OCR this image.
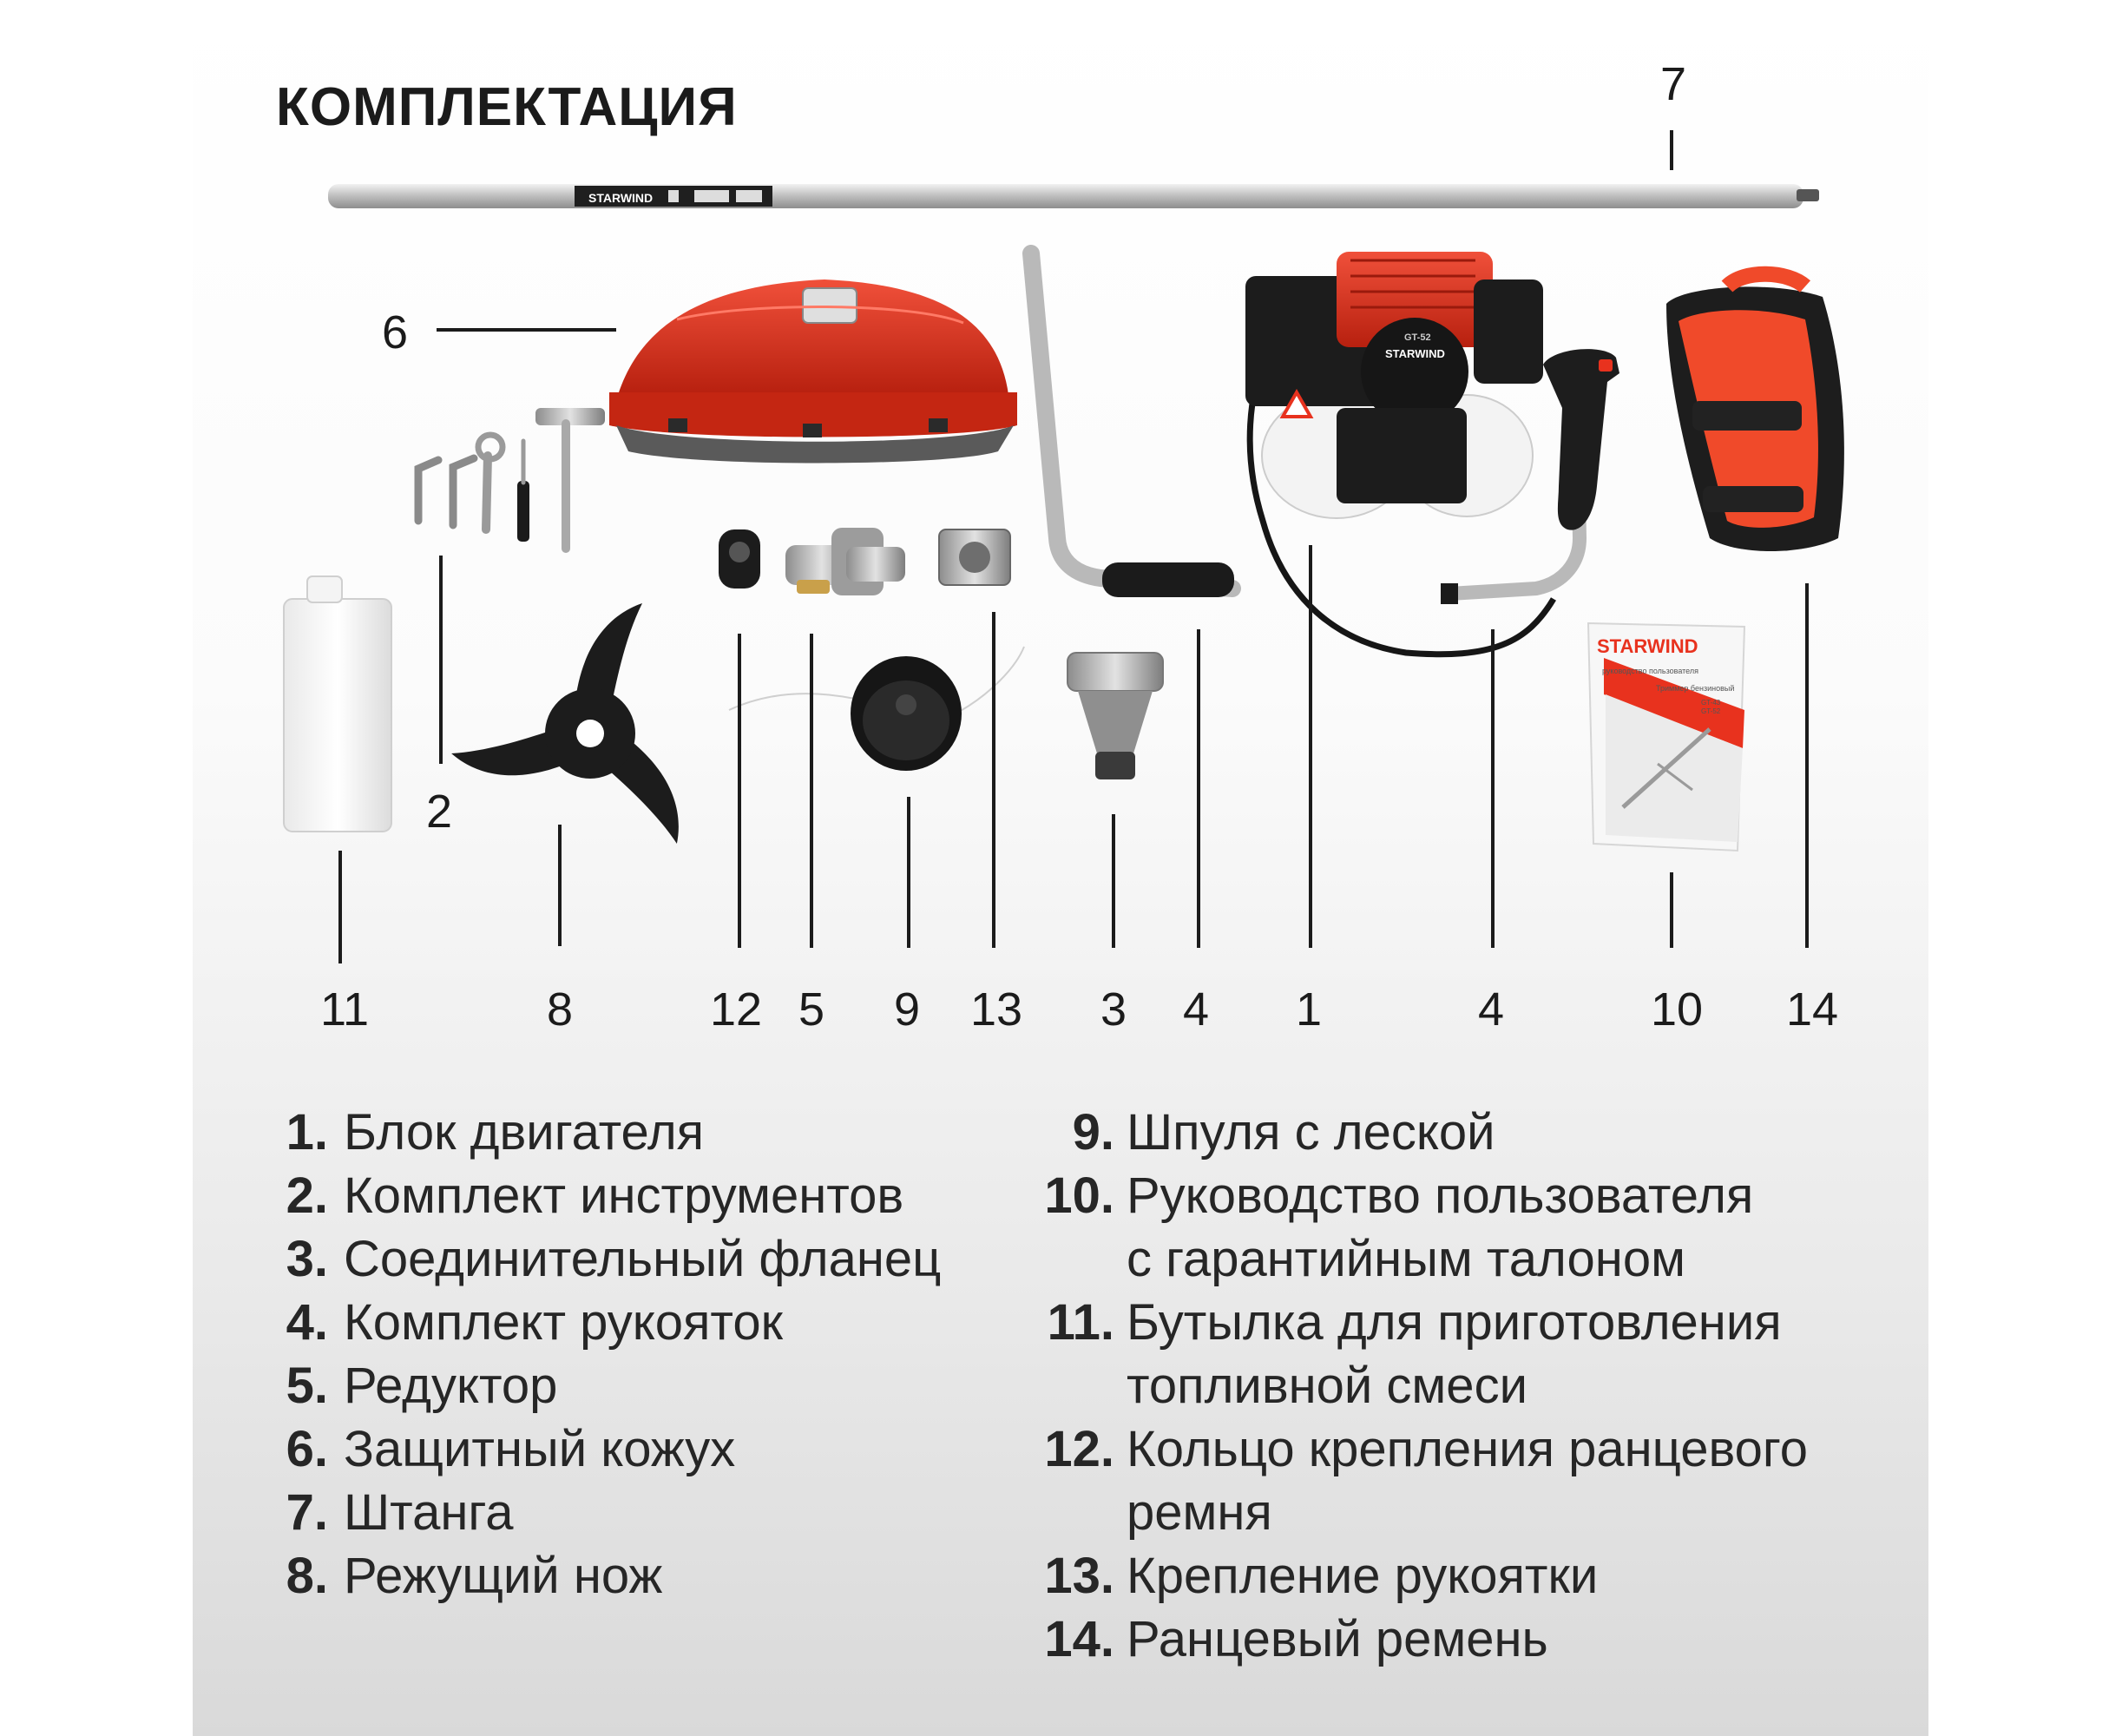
КОМПЛЕКТАЦИЯ
STARWIND
STARWIND
GT-52
STARWIND
руководство пользователя
Триммер бензиновый
GT-43
GT-52
7
6
2
11	8	12 5 9 13 3 4 1	4	10 14
1. Блок двигателя
2. Комплект инструментов
3. Соединительный фланец
4. Комплект рукояток
5. Редуктор
6. Защитный кожух
7. Штанга
8. Режущий нож
9. Шпуля с леской
10. Руководство пользователя
с гарантийным талоном
11. Бутылка для приготовления
топливной смеси
12. Кольцо крепления ранцевого
ремня
13. Крепление рукоятки
14. Ранцевый ремень
